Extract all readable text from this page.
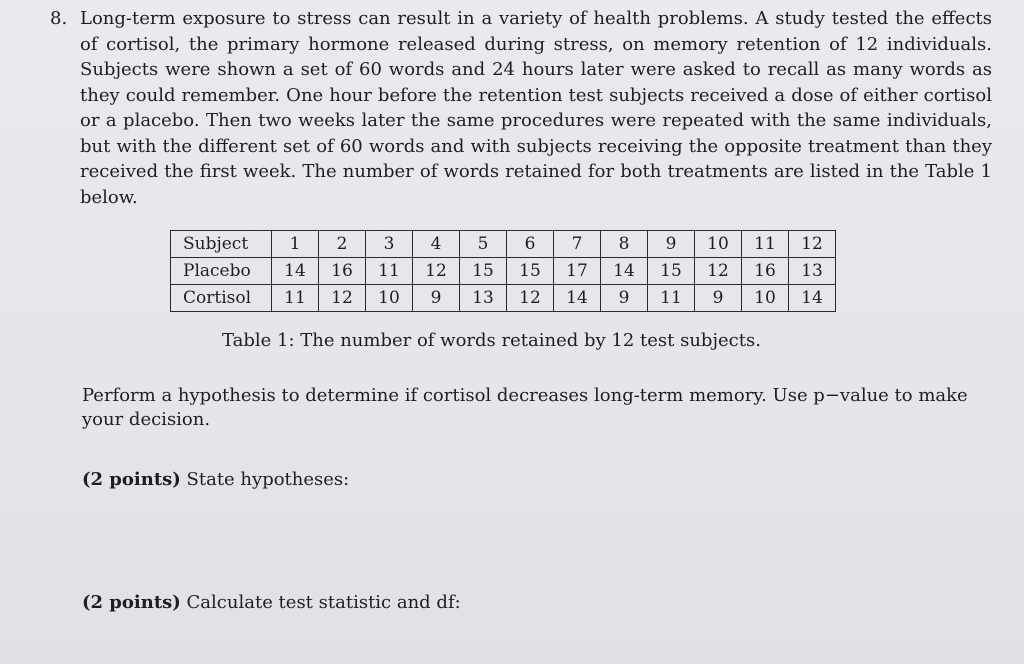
8. Long-term exposure to stress can result in a variety of health problems. A study tested the effects of cortisol, the primary hormone released during stress, on memory retention of 12 individuals. Subjects were shown a set of 60 words and 24 hours later were asked to recall as many words as they could remember. One hour before the retention test subjects received a dose of either cortisol or a placebo. Then two weeks later the same procedures were repeated with the same individuals, but with the different set of 60 words and with subjects receiving the opposite treatment than they received the first week. The number of words retained for both treatments are listed in the Table 1 below.

Subject	1	2	3	4	5	6	7	8	9	10	11	12
Placebo	14	16	11	12	15	15	17	14	15	12	16	13
Cortisol	11	12	10	9	13	12	14	9	11	9	10	14
Table 1: The number of words retained by 12 test subjects.

Perform a hypothesis to determine if cortisol decreases long-term memory. Use p−value to make your decision.

(2 points) State hypotheses:
(2 points) Calculate test statistic and df:
